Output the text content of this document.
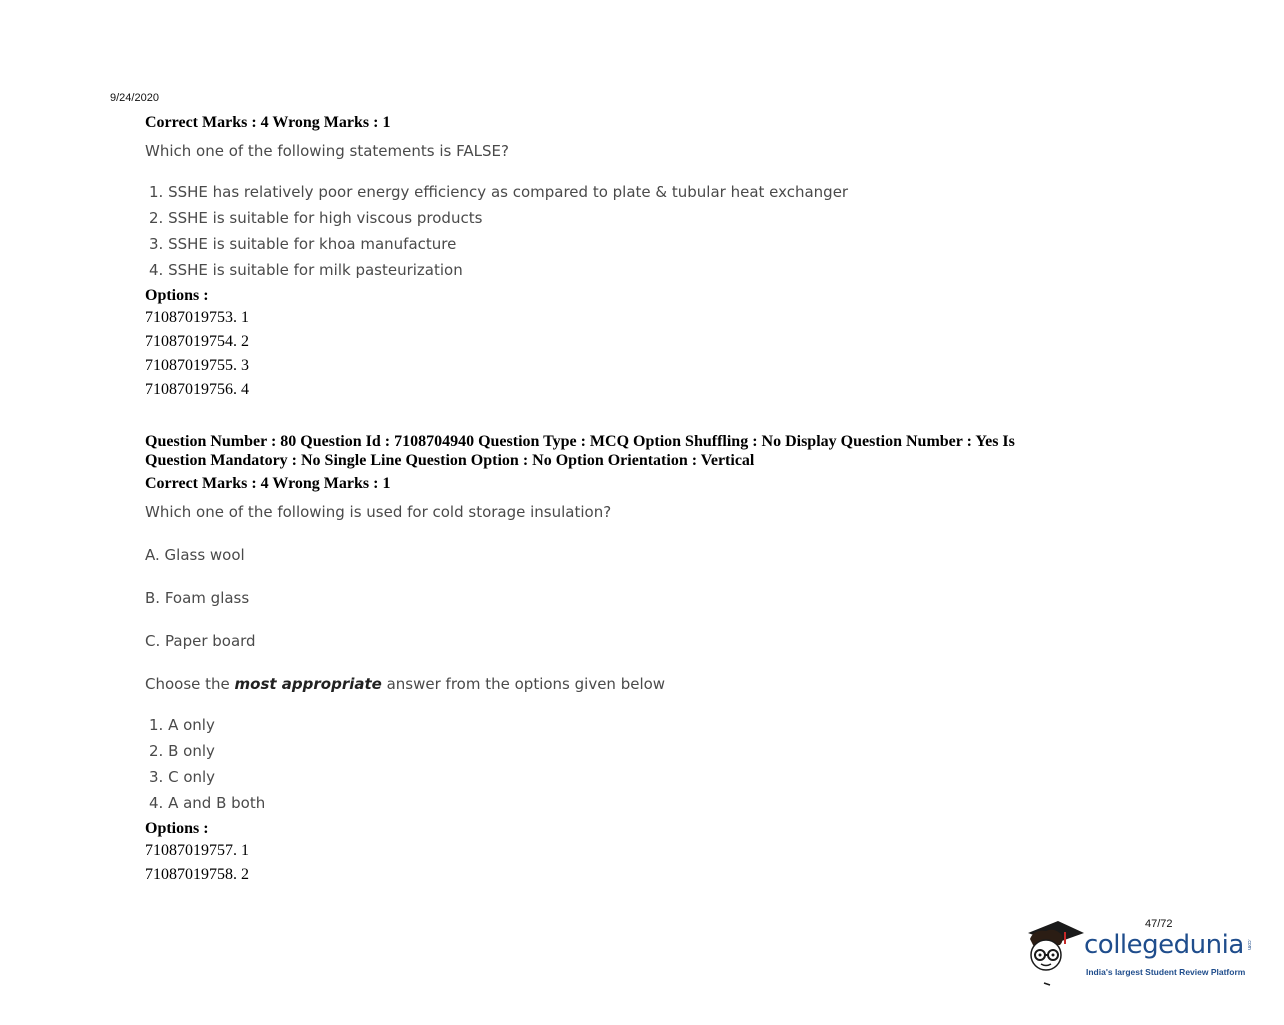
9/24/2020
Correct Marks : 4 Wrong Marks : 1
Which one of the following statements is FALSE?
1. SSHE has relatively poor energy efficiency as compared to plate & tubular heat exchanger
2. SSHE is suitable for high viscous products
3. SSHE is suitable for khoa manufacture
4. SSHE is suitable for milk pasteurization
Options :
71087019753. 1
71087019754. 2
71087019755. 3
71087019756. 4
Question Number : 80 Question Id : 7108704940 Question Type : MCQ Option Shuffling : No Display Question Number : Yes Is
Question Mandatory : No Single Line Question Option : No Option Orientation : Vertical
Correct Marks : 4 Wrong Marks : 1
Which one of the following is used for cold storage insulation?
A. Glass wool
B. Foam glass
C. Paper board
Choose the most appropriate answer from the options given below
1. A only
2. B only
3. C only
4. A and B both
Options :
71087019757. 1
71087019758. 2
47/72
collegedunia .com
India's largest Student Review Platform
